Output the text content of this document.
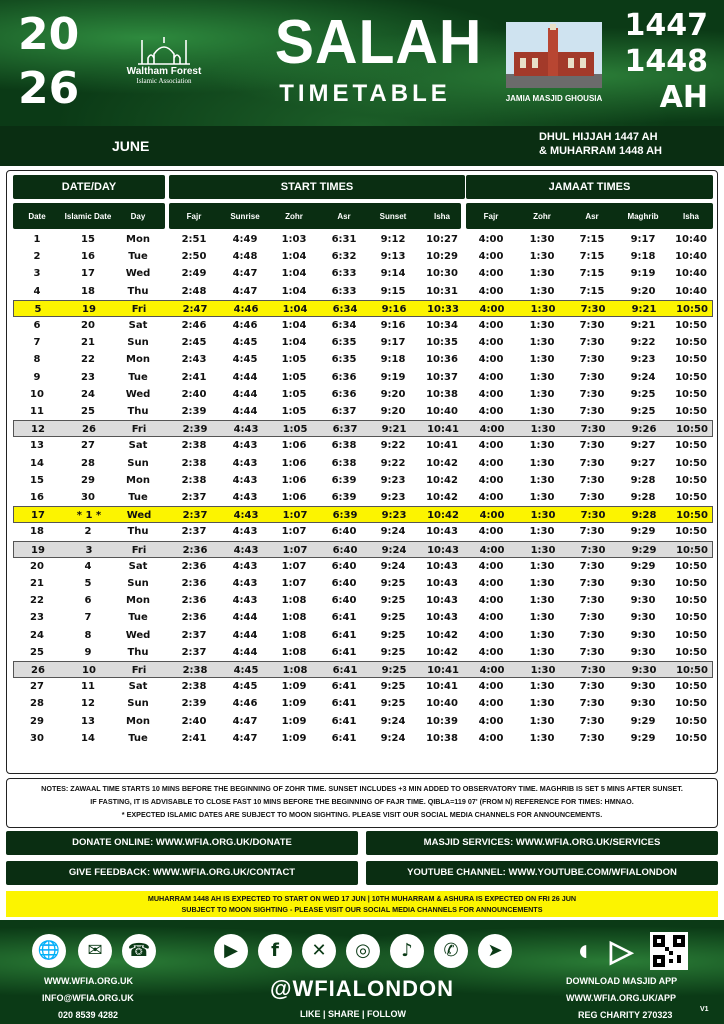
20
26	Waltham Forest
Islamic Association
SALAH
TIMETABLE	JAMIA MASJID GHOUSIA
1447
1448
AH
JUNE
DHUL HIJJAH 1447 AH
& MUHARRAM 1448 AH
DATE/DAY	START TIMES	JAMAAT TIMES
Date	Islamic Date	Day	Fajr	Sunrise	Zohr	Asr	Sunset	Isha	Fajr	Zohr	Asr	Maghrib	Isha
1	15	Mon	2:51	4:49	1:03	6:31	9:12	10:27	4:00	1:30	7:15	9:17	10:40
2	16	Tue	2:50	4:48	1:04	6:32	9:13	10:29	4:00	1:30	7:15	9:18	10:40
3	17	Wed	2:49	4:47	1:04	6:33	9:14	10:30	4:00	1:30	7:15	9:19	10:40
4	18	Thu	2:48	4:47	1:04	6:33	9:15	10:31	4:00	1:30	7:15	9:20	10:40
5	19	Fri	2:47	4:46	1:04	6:34	9:16	10:33	4:00	1:30	7:30	9:21	10:50
6	20	Sat	2:46	4:46	1:04	6:34	9:16	10:34	4:00	1:30	7:30	9:21	10:50
7	21	Sun	2:45	4:45	1:04	6:35	9:17	10:35	4:00	1:30	7:30	9:22	10:50
8	22	Mon	2:43	4:45	1:05	6:35	9:18	10:36	4:00	1:30	7:30	9:23	10:50
9	23	Tue	2:41	4:44	1:05	6:36	9:19	10:37	4:00	1:30	7:30	9:24	10:50
10	24	Wed	2:40	4:44	1:05	6:36	9:20	10:38	4:00	1:30	7:30	9:25	10:50
11	25	Thu	2:39	4:44	1:05	6:37	9:20	10:40	4:00	1:30	7:30	9:25	10:50
12	26	Fri	2:39	4:43	1:05	6:37	9:21	10:41	4:00	1:30	7:30	9:26	10:50
13	27	Sat	2:38	4:43	1:06	6:38	9:22	10:41	4:00	1:30	7:30	9:27	10:50
14	28	Sun	2:38	4:43	1:06	6:38	9:22	10:42	4:00	1:30	7:30	9:27	10:50
15	29	Mon	2:38	4:43	1:06	6:39	9:23	10:42	4:00	1:30	7:30	9:28	10:50
16	30	Tue	2:37	4:43	1:06	6:39	9:23	10:42	4:00	1:30	7:30	9:28	10:50
17	* 1 *	Wed	2:37	4:43	1:07	6:39	9:23	10:42	4:00	1:30	7:30	9:28	10:50
18	2	Thu	2:37	4:43	1:07	6:40	9:24	10:43	4:00	1:30	7:30	9:29	10:50
19	3	Fri	2:36	4:43	1:07	6:40	9:24	10:43	4:00	1:30	7:30	9:29	10:50
20	4	Sat	2:36	4:43	1:07	6:40	9:24	10:43	4:00	1:30	7:30	9:29	10:50
21	5	Sun	2:36	4:43	1:07	6:40	9:25	10:43	4:00	1:30	7:30	9:30	10:50
22	6	Mon	2:36	4:43	1:08	6:40	9:25	10:43	4:00	1:30	7:30	9:30	10:50
23	7	Tue	2:36	4:44	1:08	6:41	9:25	10:43	4:00	1:30	7:30	9:30	10:50
24	8	Wed	2:37	4:44	1:08	6:41	9:25	10:42	4:00	1:30	7:30	9:30	10:50
25	9	Thu	2:37	4:44	1:08	6:41	9:25	10:42	4:00	1:30	7:30	9:30	10:50
26	10	Fri	2:38	4:45	1:08	6:41	9:25	10:41	4:00	1:30	7:30	9:30	10:50
27	11	Sat	2:38	4:45	1:09	6:41	9:25	10:41	4:00	1:30	7:30	9:30	10:50
28	12	Sun	2:39	4:46	1:09	6:41	9:25	10:40	4:00	1:30	7:30	9:30	10:50
29	13	Mon	2:40	4:47	1:09	6:41	9:24	10:39	4:00	1:30	7:30	9:29	10:50
30	14	Tue	2:41	4:47	1:09	6:41	9:24	10:38	4:00	1:30	7:30	9:29	10:50
NOTES: ZAWAAL TIME STARTS 10 MINS BEFORE THE BEGINNING OF ZOHR TIME. SUNSET INCLUDES +3 MIN ADDED TO OBSERVATORY TIME. MAGHRIB IS SET 5 MINS AFTER SUNSET.
IF FASTING, IT IS ADVISABLE TO CLOSE FAST 10 MINS BEFORE THE BEGINNING OF FAJR TIME. QIBLA=119 07' (FROM N) REFERENCE FOR TIMES: HMNAO.
* EXPECTED ISLAMIC DATES ARE SUBJECT TO MOON SIGHTING. PLEASE VISIT OUR SOCIAL MEDIA CHANNELS FOR ANNOUNCEMENTS.
DONATE ONLINE: WWW.WFIA.ORG.UK/DONATE	MASJID SERVICES: WWW.WFIA.ORG.UK/SERVICES
GIVE FEEDBACK: WWW.WFIA.ORG.UK/CONTACT	YOUTUBE CHANNEL: WWW.YOUTUBE.COM/WFIALONDON
MUHARRAM 1448 AH IS EXPECTED TO START ON WED 17 JUN | 10TH MUHARRAM & ASHURA IS EXPECTED ON FRI 26 JUN
SUBJECT TO MOON SIGHTING - PLEASE VISIT OUR SOCIAL MEDIA CHANNELS FOR ANNOUNCEMENTS
🌐	✉	☎
WWW.WFIA.ORG.UK
INFO@WFIA.ORG.UK
020 8539 4282
▶	f	✕	◎	♪	✆	➤
@WFIALONDON
LIKE | SHARE | FOLLOW
◖ ▷
DOWNLOAD MASJID APP
WWW.WFIA.ORG.UK/APP
REG CHARITY 270323
V1
